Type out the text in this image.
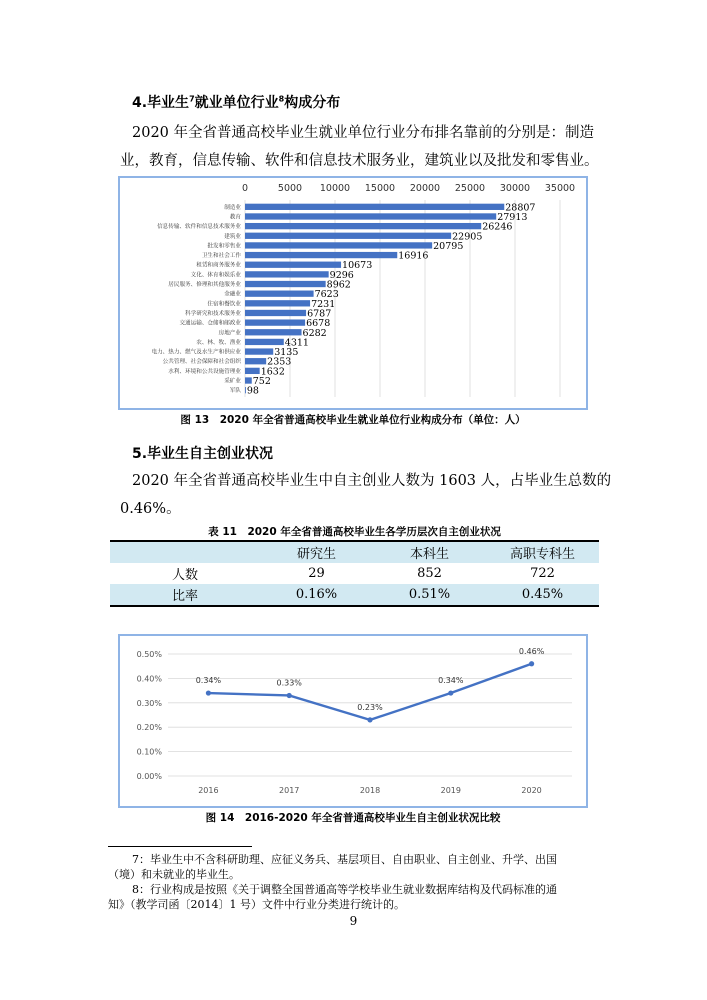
4.毕业生$^7$就业单位行业$^8$构成分布
2020 年全省普通高校毕业生就业单位行业分布排名靠前的分别是：制造
业，教育，信息传输、软件和信息技术服务业，建筑业以及批发和零售业。
0	5000 10000 15000 20000 25000 30000 35000
制造业	28807
教育	27913
信息传输、软件和信息技术服务业	26246
建筑业	22905
批发和零售业	20795
卫生和社会工作	16916
租赁和商务服务业	10673
文化、体育和娱乐业	9296
居民服务、修理和其他服务业	8962
金融业	7623
住宿和餐饮业	7231
科学研究和技术服务业	6787
交通运输、仓储和邮政业	6678
房地产业	6282
农、林、牧、渔业	4311
电力、热力、燃气及水生产和供应业	3135
公共管理、社会保障和社会组织	2353
水利、环境和公共设施管理业 1632
采矿业 752
军队 98
图 13　2020 年全省普通高校毕业生就业单位行业构成分布（单位：人）
5.毕业生自主创业状况
2020 年全省普通高校毕业生中自主创业人数为 1603 人，占毕业生总数的
0.46%。
表 11　2020 年全省普通高校毕业生各学历层次自主创业状况
	研究生	本科生	高职专科生
人数	29	852	722
比率	0.16%	0.51%	0.45%
0.50%
0.40%
0.30%
0.20%
0.10%
0.00%
0.34%
2016
0.33%
2017
0.23%
2018
0.34%
2019
0.46%
2020
图 14　2016-2020 年全省普通高校毕业生自主创业状况比较
7：毕业生中不含科研助理、应征义务兵、基层项目、自由职业、自主创业、升学、出国
（境）和未就业的毕业生。
8：行业构成是按照《关于调整全国普通高等学校毕业生就业数据库结构及代码标准的通
知》（教学司函〔2014〕1 号）文件中行业分类进行统计的。
9
